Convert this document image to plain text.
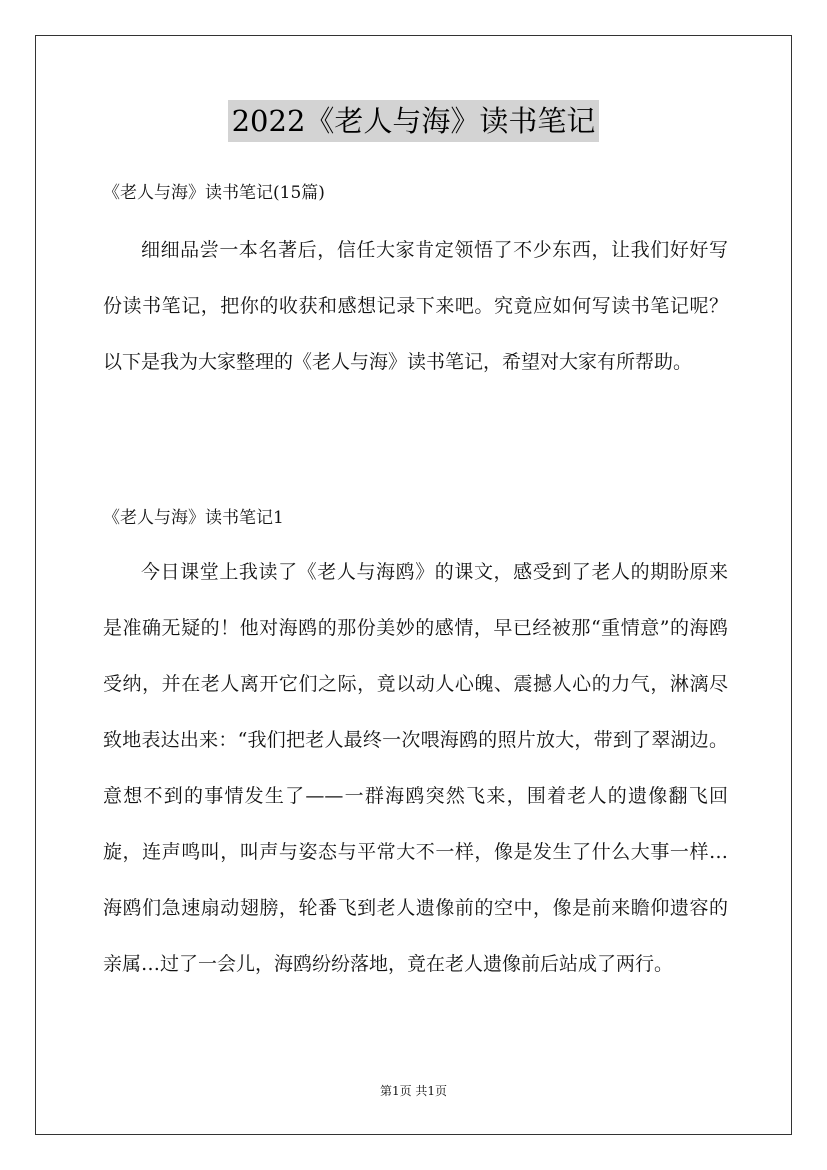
2022《老人与海》读书笔记
《老人与海》读书笔记(15篇)

细细品尝一本名著后，信任大家肯定领悟了不少东西，让我们好好写份读书笔记，把你的收获和感想记录下来吧。究竟应如何写读书笔记呢？以下是我为大家整理的《老人与海》读书笔记，希望对大家有所帮助。

《老人与海》读书笔记1

今日课堂上我读了《老人与海鸥》的课文，感受到了老人的期盼原来是准确无疑的！他对海鸥的那份美妙的感情，早已经被那“重情意”的海鸥受纳，并在老人离开它们之际，竟以动人心魄、震撼人心的力气，淋漓尽致地表达出来：“我们把老人最终一次喂海鸥的照片放大，带到了翠湖边。意想不到的事情发生了——一群海鸥突然飞来，围着老人的遗像翻飞回旋，连声鸣叫，叫声与姿态与平常大不一样，像是发生了什么大事一样…海鸥们急速扇动翅膀，轮番飞到老人遗像前的空中，像是前来瞻仰遗容的亲属…过了一会儿，海鸥纷纷落地，竟在老人遗像前后站成了两行。

第1页 共1页
